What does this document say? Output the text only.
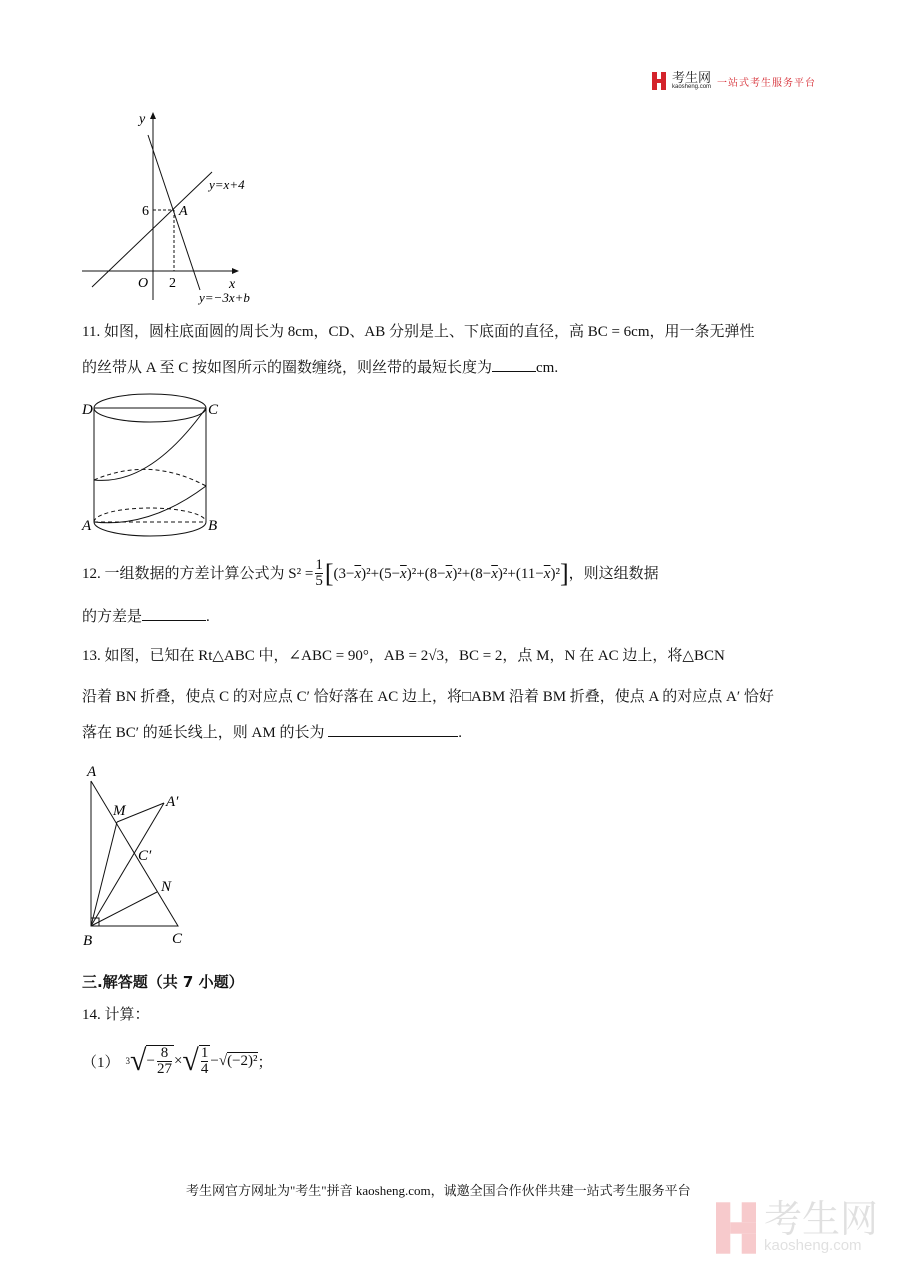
考生网
kaosheng.com 一站式考生服务平台
y
x
O 2
6 A
y=x+4
y=−3x+b
11. 如图，圆柱底面圆的周长为 8cm，CD、AB 分别是上、下底面的直径，高 BC = 6cm，用一条无弹性
的丝带从 A 至 C 按如图所示的圈数缠绕，则丝带的最短长度为	cm.
D	C
A	B
12. 一组数据的方差计算公式为 $S^2 = \frac{1}{5}$ [ $(3-\overline{x})^2+(5-\overline{x})^2+(8-\overline{x})^2+(8-\overline{x})^2+(11-\overline{x})^2$ ] ，则这组数据
的方差是	.
13. 如图，已知在 Rt△ABC 中，∠ABC = 90°，AB = 2√3，BC = 2，点 M，N 在 AC 边上，将△BCN
沿着 BN 折叠，使点 C 的对应点 C′ 恰好落在 AC 边上，将□ABM 沿着 BM 折叠，使点 A 的对应点 A′ 恰好
落在 BC′ 的延长线上，则 AM 的长为	.
A
M
A′
C′
N
B	C
三.解答题（共 7 小题）
14. 计算：
（1） 3 √ − $\frac{8}{27}$ × √ $\frac{1}{4}$ −√ (−2)² ；
考生网官方网址为"考生"拼音 kaosheng.com，诚邀全国合作伙伴共建一站式考生服务平台
考生网
kaosheng.com
